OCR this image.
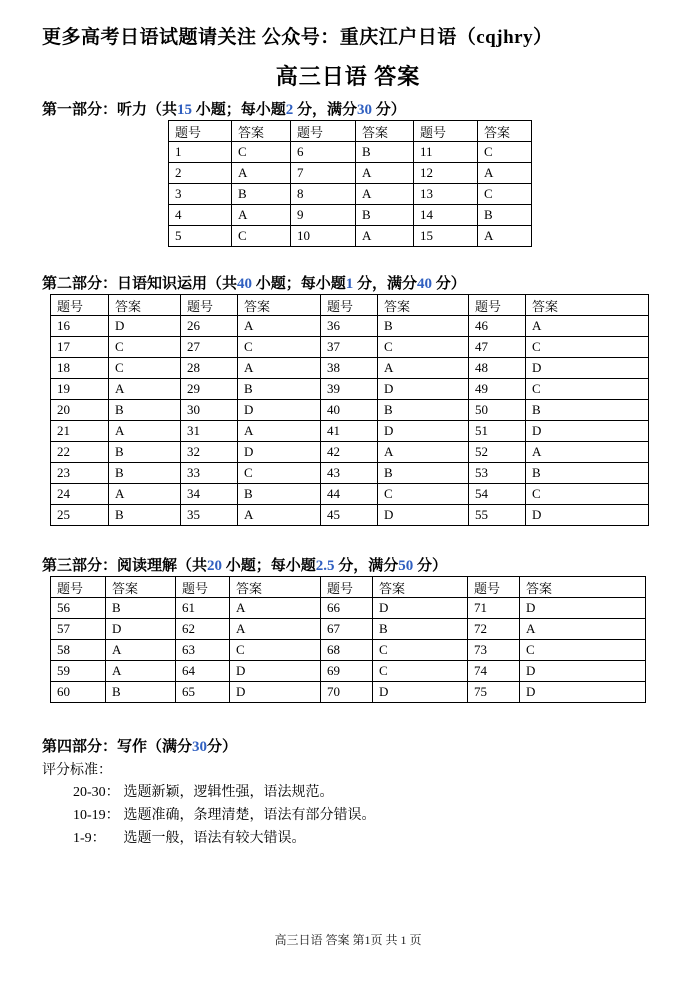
更多高考日语试题请关注 公众号：重庆江户日语（cqjhry）
高三日语 答案
第一部分：听力（共15 小题；每小题2 分，满分30 分）
题号	答案	题号	答案	题号	答案
1	C	6	B	11	C
2	A	7	A	12	A
3	B	8	A	13	C
4	A	9	B	14	B
5	C	10	A	15	A
第二部分：日语知识运用（共40 小题；每小题1 分，满分40 分）
题号	答案	题号	答案	题号	答案	题号	答案
16	D	26	A	36	B	46	A
17	C	27	C	37	C	47	C
18	C	28	A	38	A	48	D
19	A	29	B	39	D	49	C
20	B	30	D	40	B	50	B
21	A	31	A	41	D	51	D
22	B	32	D	42	A	52	A
23	B	33	C	43	B	53	B
24	A	34	B	44	C	54	C
25	B	35	A	45	D	55	D
第三部分：阅读理解（共20 小题；每小题2.5 分，满分50 分）
题号	答案	题号	答案	题号	答案	题号	答案
56	B	61	A	66	D	71	D
57	D	62	A	67	B	72	A
58	A	63	C	68	C	73	C
59	A	64	D	69	C	74	D
60	B	65	D	70	D	75	D
第四部分：写作（满分30分）
评分标准：
20-30： 选题新颖，逻辑性强，语法规范。
10-19： 选题准确，条理清楚，语法有部分错误。
1-9： 选题一般，语法有较大错误。
高三日语 答案 第1页 共 1 页
